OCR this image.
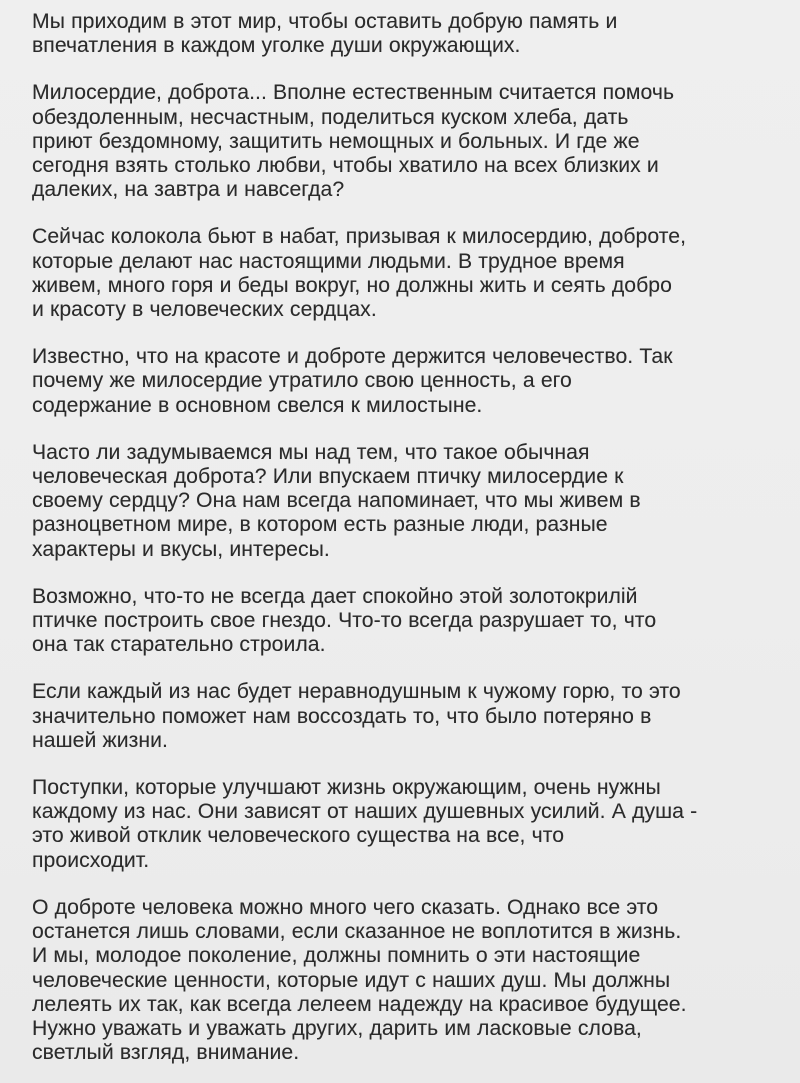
Мы приходим в этот мир, чтобы оставить добрую память и
впечатления в каждом уголке души окружающих.

Милосердие, доброта... Вполне естественным считается помочь
обездоленным, несчастным, поделиться куском хлеба, дать
приют бездомному, защитить немощных и больных. И где же
сегодня взять столько любви, чтобы хватило на всех близких и
далеких, на завтра и навсегда?

Сейчас колокола бьют в набат, призывая к милосердию, доброте,
которые делают нас настоящими людьми. В трудное время
живем, много горя и беды вокруг, но должны жить и сеять добро
и красоту в человеческих сердцах.

Известно, что на красоте и доброте держится человечество. Так
почему же милосердие утратило свою ценность, а его
содержание в основном свелся к милостыне.

Часто ли задумываемся мы над тем, что такое обычная
человеческая доброта? Или впускаем птичку милосердие к
своему сердцу? Она нам всегда напоминает, что мы живем в
разноцветном мире, в котором есть разные люди, разные
характеры и вкусы, интересы.

Возможно, что-то не всегда дает спокойно этой золотокрилій
птичке построить свое гнездо. Что-то всегда разрушает то, что
она так старательно строила.

Если каждый из нас будет неравнодушным к чужому горю, то это
значительно поможет нам воссоздать то, что было потеряно в
нашей жизни.

Поступки, которые улучшают жизнь окружающим, очень нужны
каждому из нас. Они зависят от наших душевных усилий. А душа -
это живой отклик человеческого существа на все, что
происходит.

О доброте человека можно много чего сказать. Однако все это
останется лишь словами, если сказанное не воплотится в жизнь.
И мы, молодое поколение, должны помнить о эти настоящие
человеческие ценности, которые идут с наших душ. Мы должны
лелеять их так, как всегда лелеем надежду на красивое будущее.
Нужно уважать и уважать других, дарить им ласковые слова,
светлый взгляд, внимание.
